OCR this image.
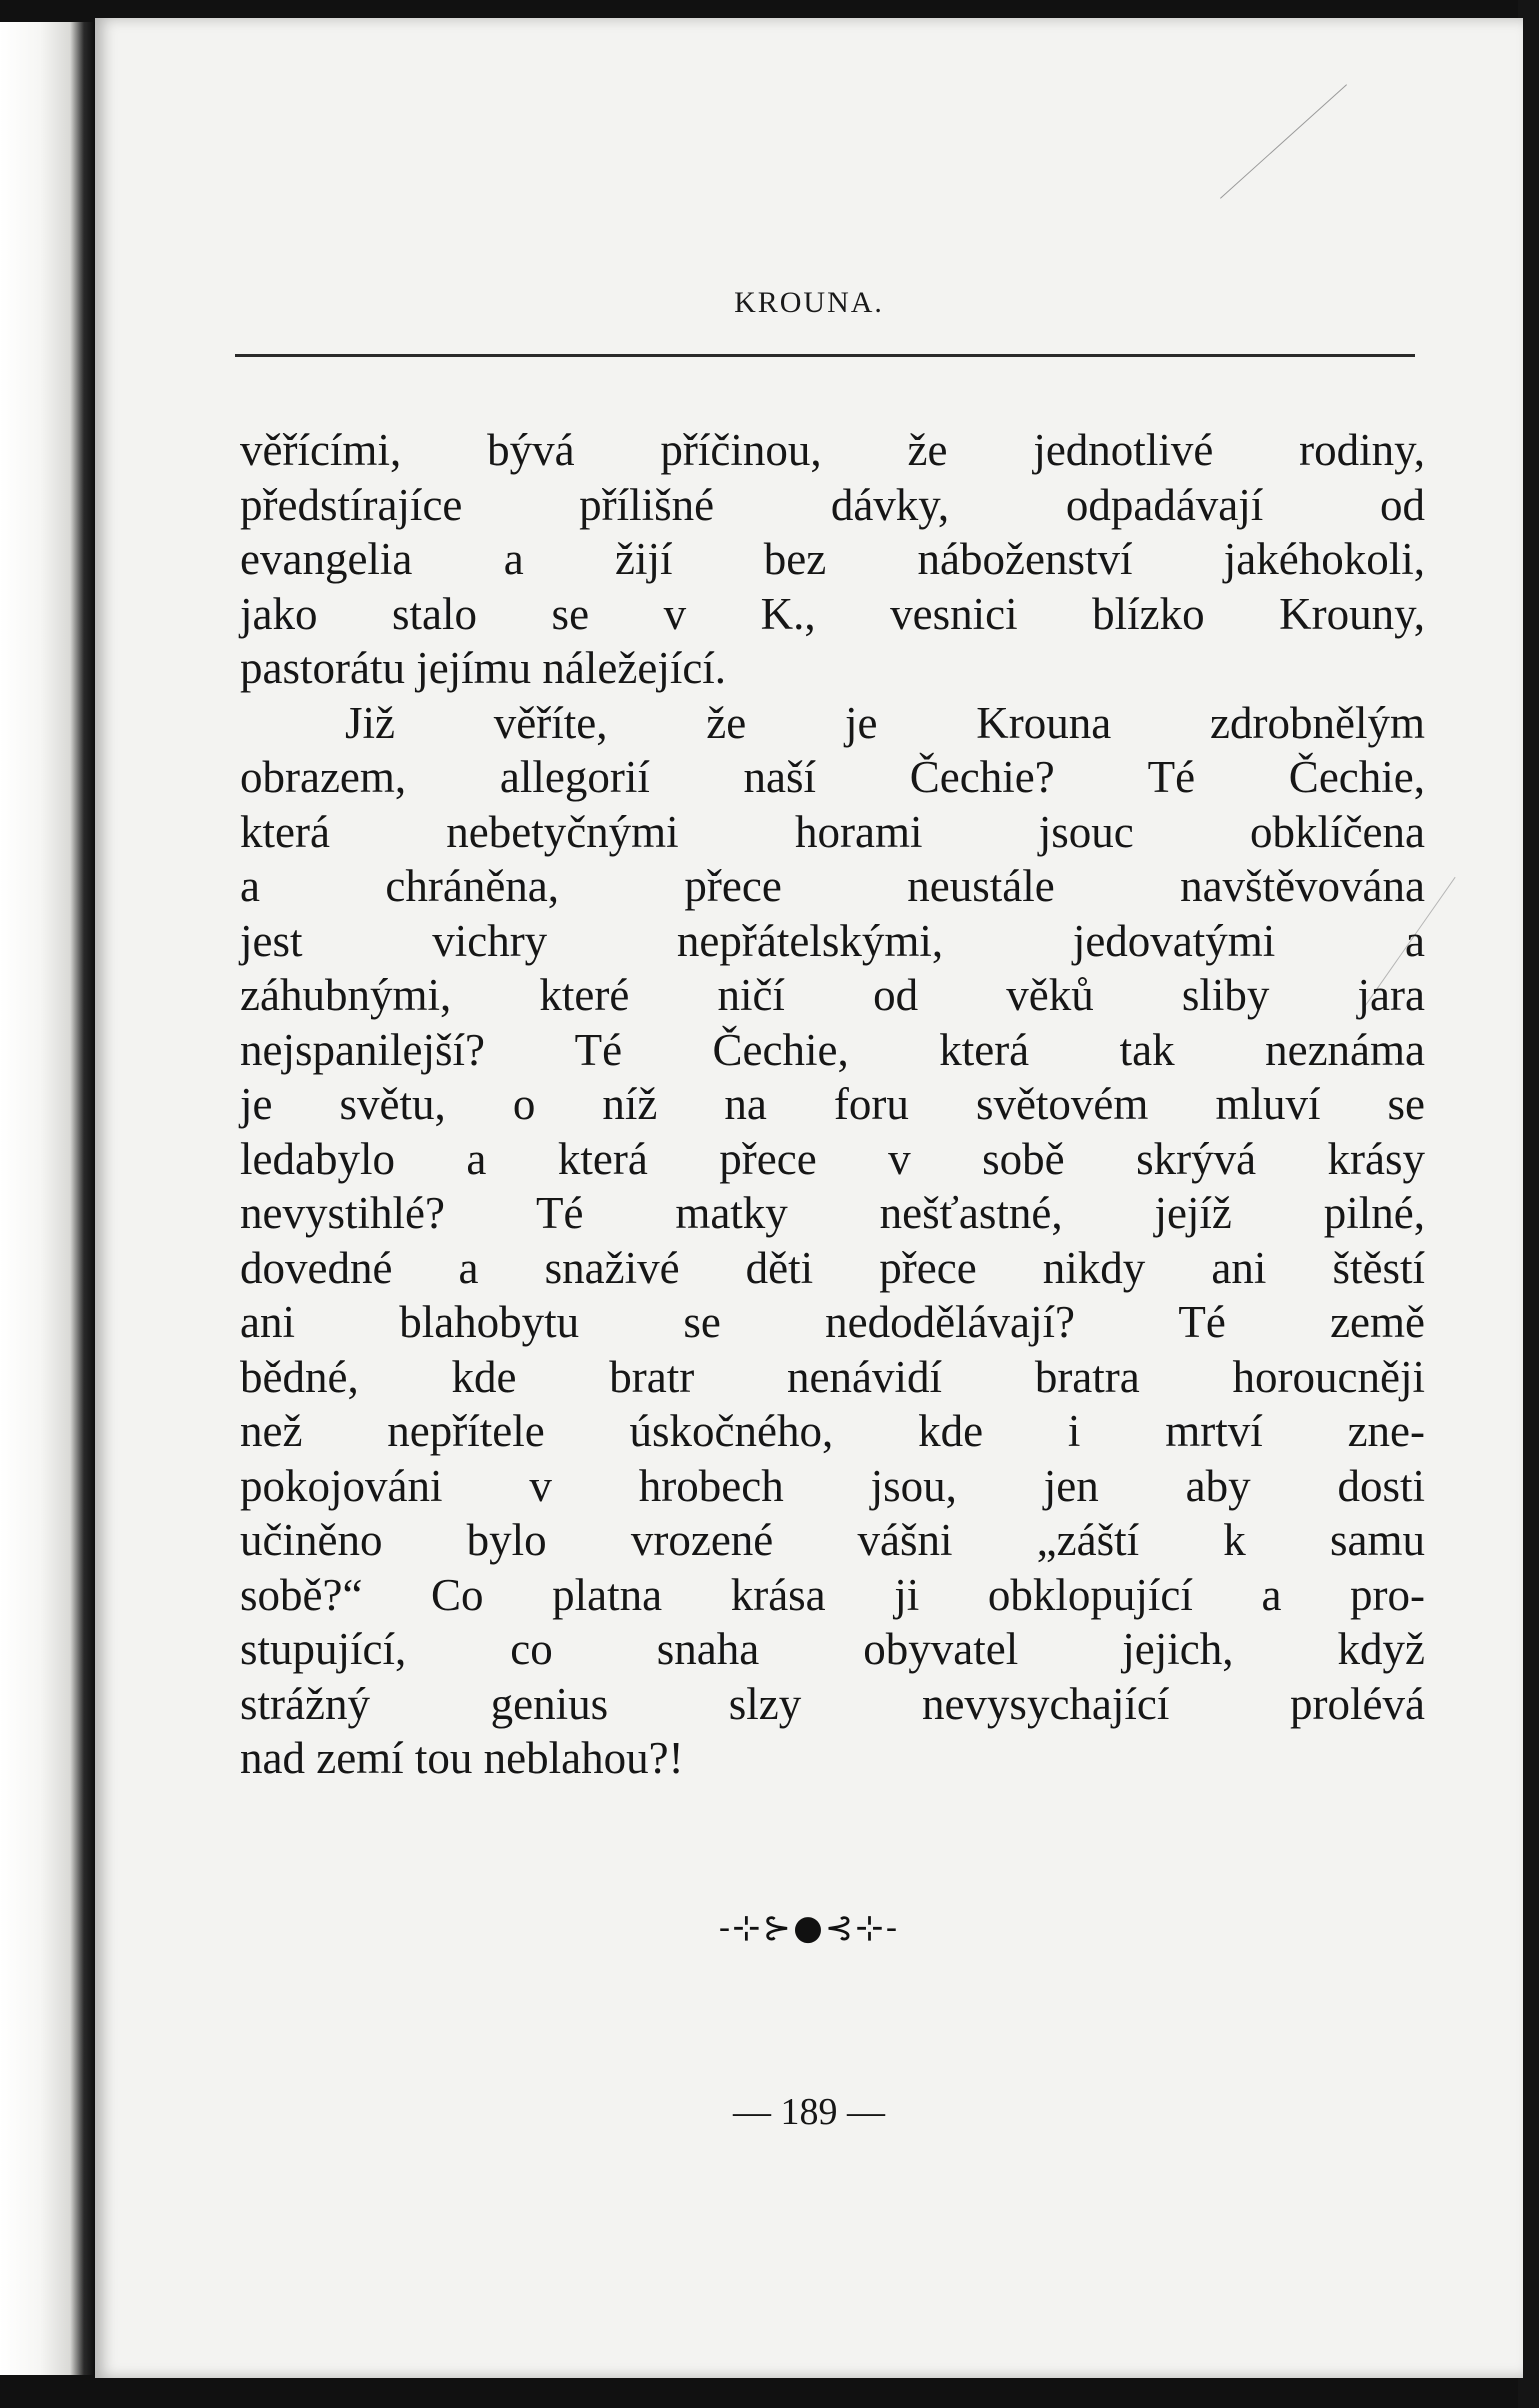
KROUNA.
věřícími, bývá příčinou, že jednotlivé rodiny,
předstírajíce přílišné dávky, odpadávají od
evangelia a žijí bez náboženství jakéhokoli,
jako stalo se v K., vesnici blízko Krouny,
pastorátu jejímu náležející.
Již věříte, že je Krouna zdrobnělým
obrazem, allegorií naší Čechie? Té Čechie,
která nebetyčnými horami jsouc obklíčena
a chráněna, přece neustále navštěvována
jest vichry nepřátelskými, jedovatými a
záhubnými, které ničí od věků sliby jara
nejspanilejší? Té Čechie, která tak neznáma
je světu, o níž na foru světovém mluví se
ledabylo a která přece v sobě skrývá krásy
nevystihlé? Té matky nešťastné, jejíž pilné,
dovedné a snaživé děti přece nikdy ani štěstí
ani blahobytu se nedodělávají? Té země
bědné, kde bratr nenávidí bratra horoucněji
než nepřítele úskočného, kde i mrtví zne-
pokojováni v hrobech jsou, jen aby dosti
učiněno bylo vrozené vášni „záští k samu
sobě?“ Co platna krása ji obklopující a pro-
stupující, co snaha obyvatel jejich, když
strážný genius slzy nevysychající prolévá
nad zemí tou neblahou?!
-⊹⊱●⊰⊹-
— 189 —
